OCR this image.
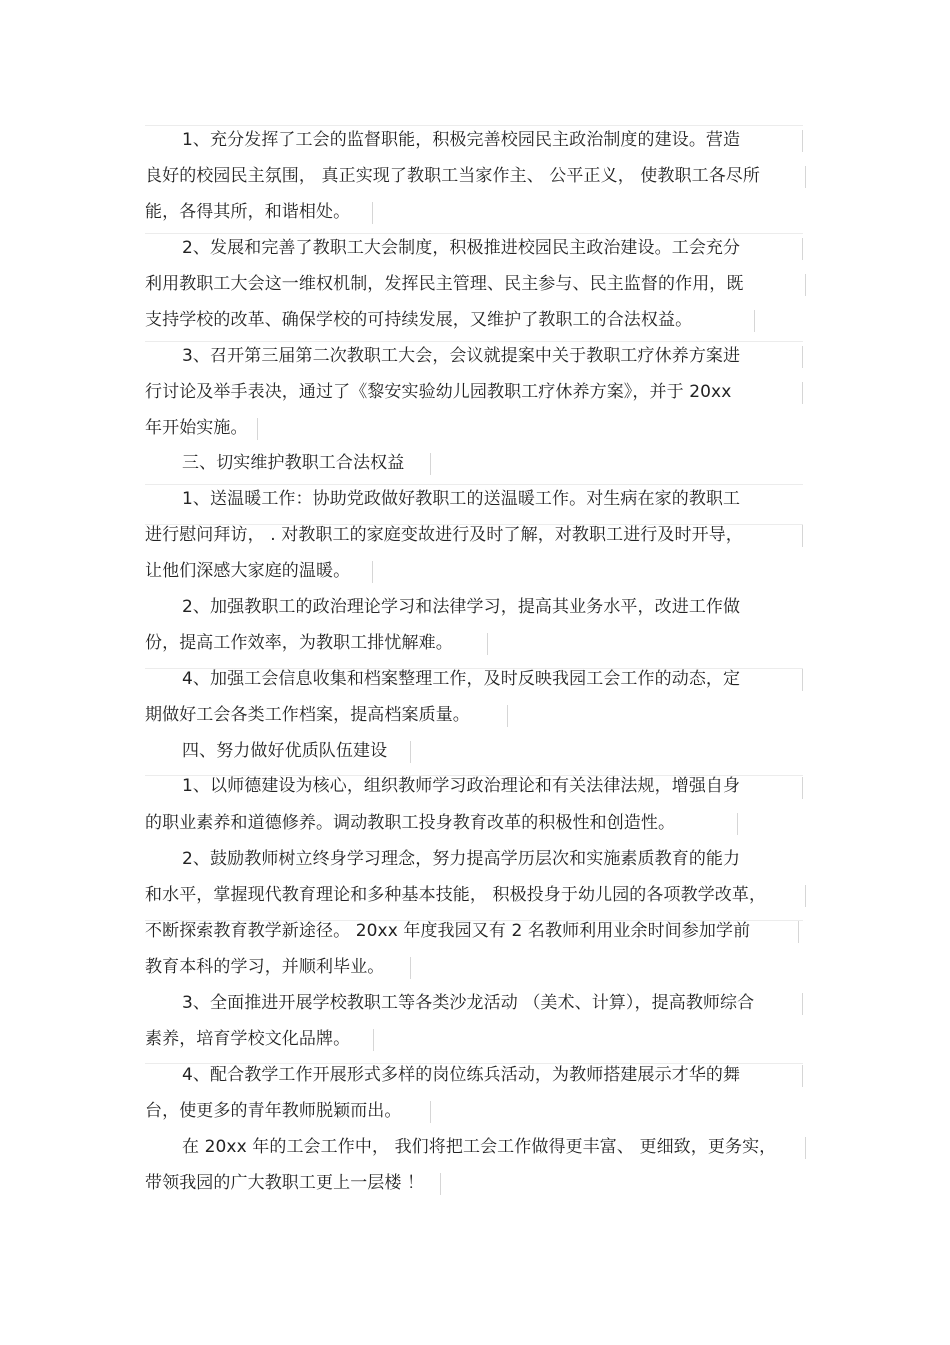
1、充分发挥了工会的监督职能，积极完善校园民主政治制度的建设。营造
良好的校园民主氛围， 真正实现了教职工当家作主、 公平正义， 使教职工各尽所
能，各得其所，和谐相处。
2、发展和完善了教职工大会制度，积极推进校园民主政治建设。工会充分
利用教职工大会这一维权机制，发挥民主管理、民主参与、民主监督的作用，既
支持学校的改革、确保学校的可持续发展，又维护了教职工的合法权益。
3、召开第三届第二次教职工大会，会议就提案中关于教职工疗休养方案进
行讨论及举手表决，通过了《黎安实验幼儿园教职工疗休养方案》，并于 20xx
年开始实施。
三、切实维护教职工合法权益
1、送温暖工作：协助党政做好教职工的送温暖工作。对生病在家的教职工
进行慰问拜访， . 对教职工的家庭变故进行及时了解，对教职工进行及时开导，
让他们深感大家庭的温暖。
2、加强教职工的政治理论学习和法律学习，提高其业务水平，改进工作做
份，提高工作效率，为教职工排忧解难。
4、加强工会信息收集和档案整理工作，及时反映我园工会工作的动态，定
期做好工会各类工作档案，提高档案质量。
四、努力做好优质队伍建设
1、以师德建设为核心，组织教师学习政治理论和有关法律法规，增强自身
的职业素养和道德修养。调动教职工投身教育改革的积极性和创造性。
2、鼓励教师树立终身学习理念，努力提高学历层次和实施素质教育的能力
和水平，掌握现代教育理论和多种基本技能， 积极投身于幼儿园的各项教学改革，
不断探索教育教学新途径。 20xx 年度我园又有 2 名教师利用业余时间参加学前
教育本科的学习，并顺利毕业。
3、全面推进开展学校教职工等各类沙龙活动 （美术、计算），提高教师综合
素养，培育学校文化品牌。
4、配合教学工作开展形式多样的岗位练兵活动，为教师搭建展示才华的舞
台，使更多的青年教师脱颖而出。
在 20xx 年的工会工作中， 我们将把工会工作做得更丰富、 更细致，更务实，
带领我园的广大教职工更上一层楼 ！
